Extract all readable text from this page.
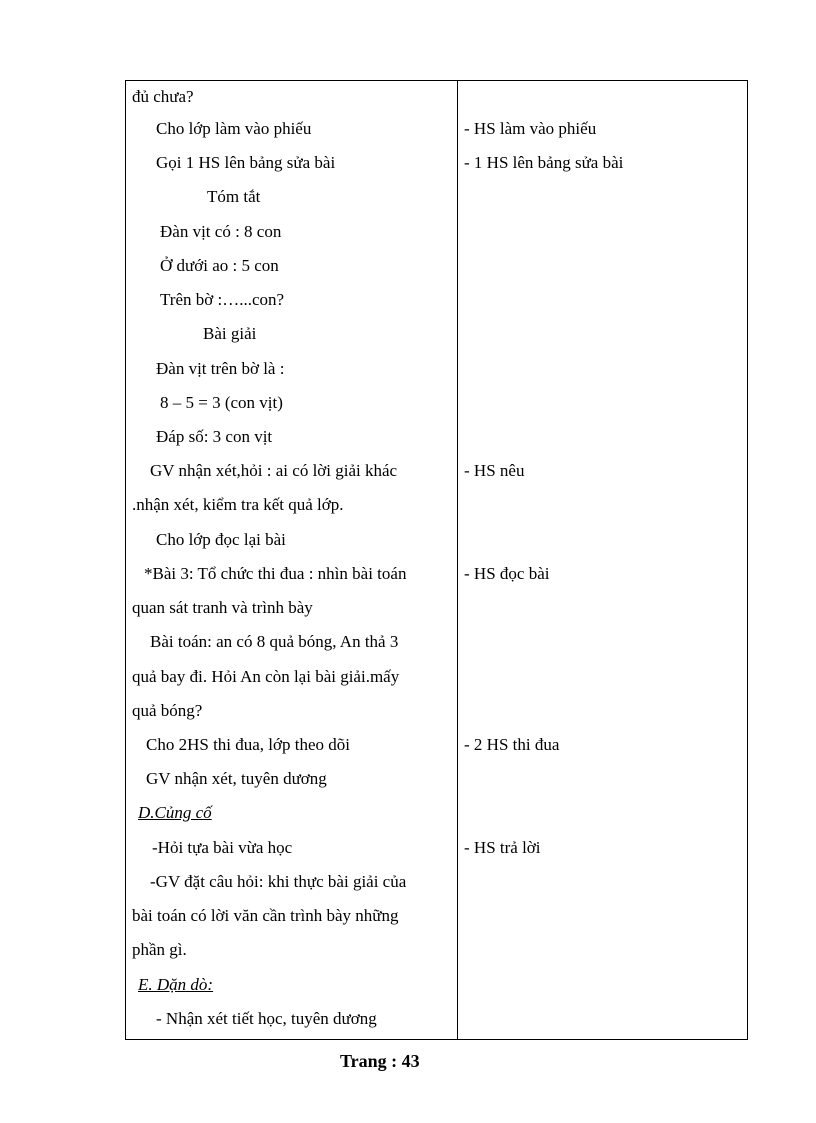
đủ chưa?
Cho lớp làm vào phiếu
Gọi 1 HS lên bảng sửa bài
Tóm tắt
Đàn vịt có : 8 con
Ở dưới ao : 5 con
Trên bờ :…...con?
Bài giải
Đàn vịt trên bờ là :
8 – 5 = 3 (con vịt)
Đáp số: 3 con vịt
GV nhận xét,hỏi : ai có lời giải khác
.nhận xét, kiểm tra kết quả lớp.
Cho lớp đọc lại bài
*Bài 3: Tổ chức thi đua : nhìn bài toán
quan sát tranh và trình bày
Bài toán: an có 8 quả bóng, An thả 3
quả bay đi. Hỏi An còn lại bài giải.mấy
quả bóng?
Cho 2HS thi đua, lớp theo dõi
GV nhận xét, tuyên dương
D.Củng cố
-Hỏi tựa bài vừa học
-GV đặt câu hỏi: khi thực bài giải của
bài toán có lời văn cần trình bày những
phần gì.
E. Dặn dò:
- Nhận xét tiết học, tuyên dương
- HS làm vào phiếu
- 1 HS lên bảng sửa bài
- HS nêu
- HS đọc bài
- 2 HS thi đua
- HS trả lời
Trang : 43
